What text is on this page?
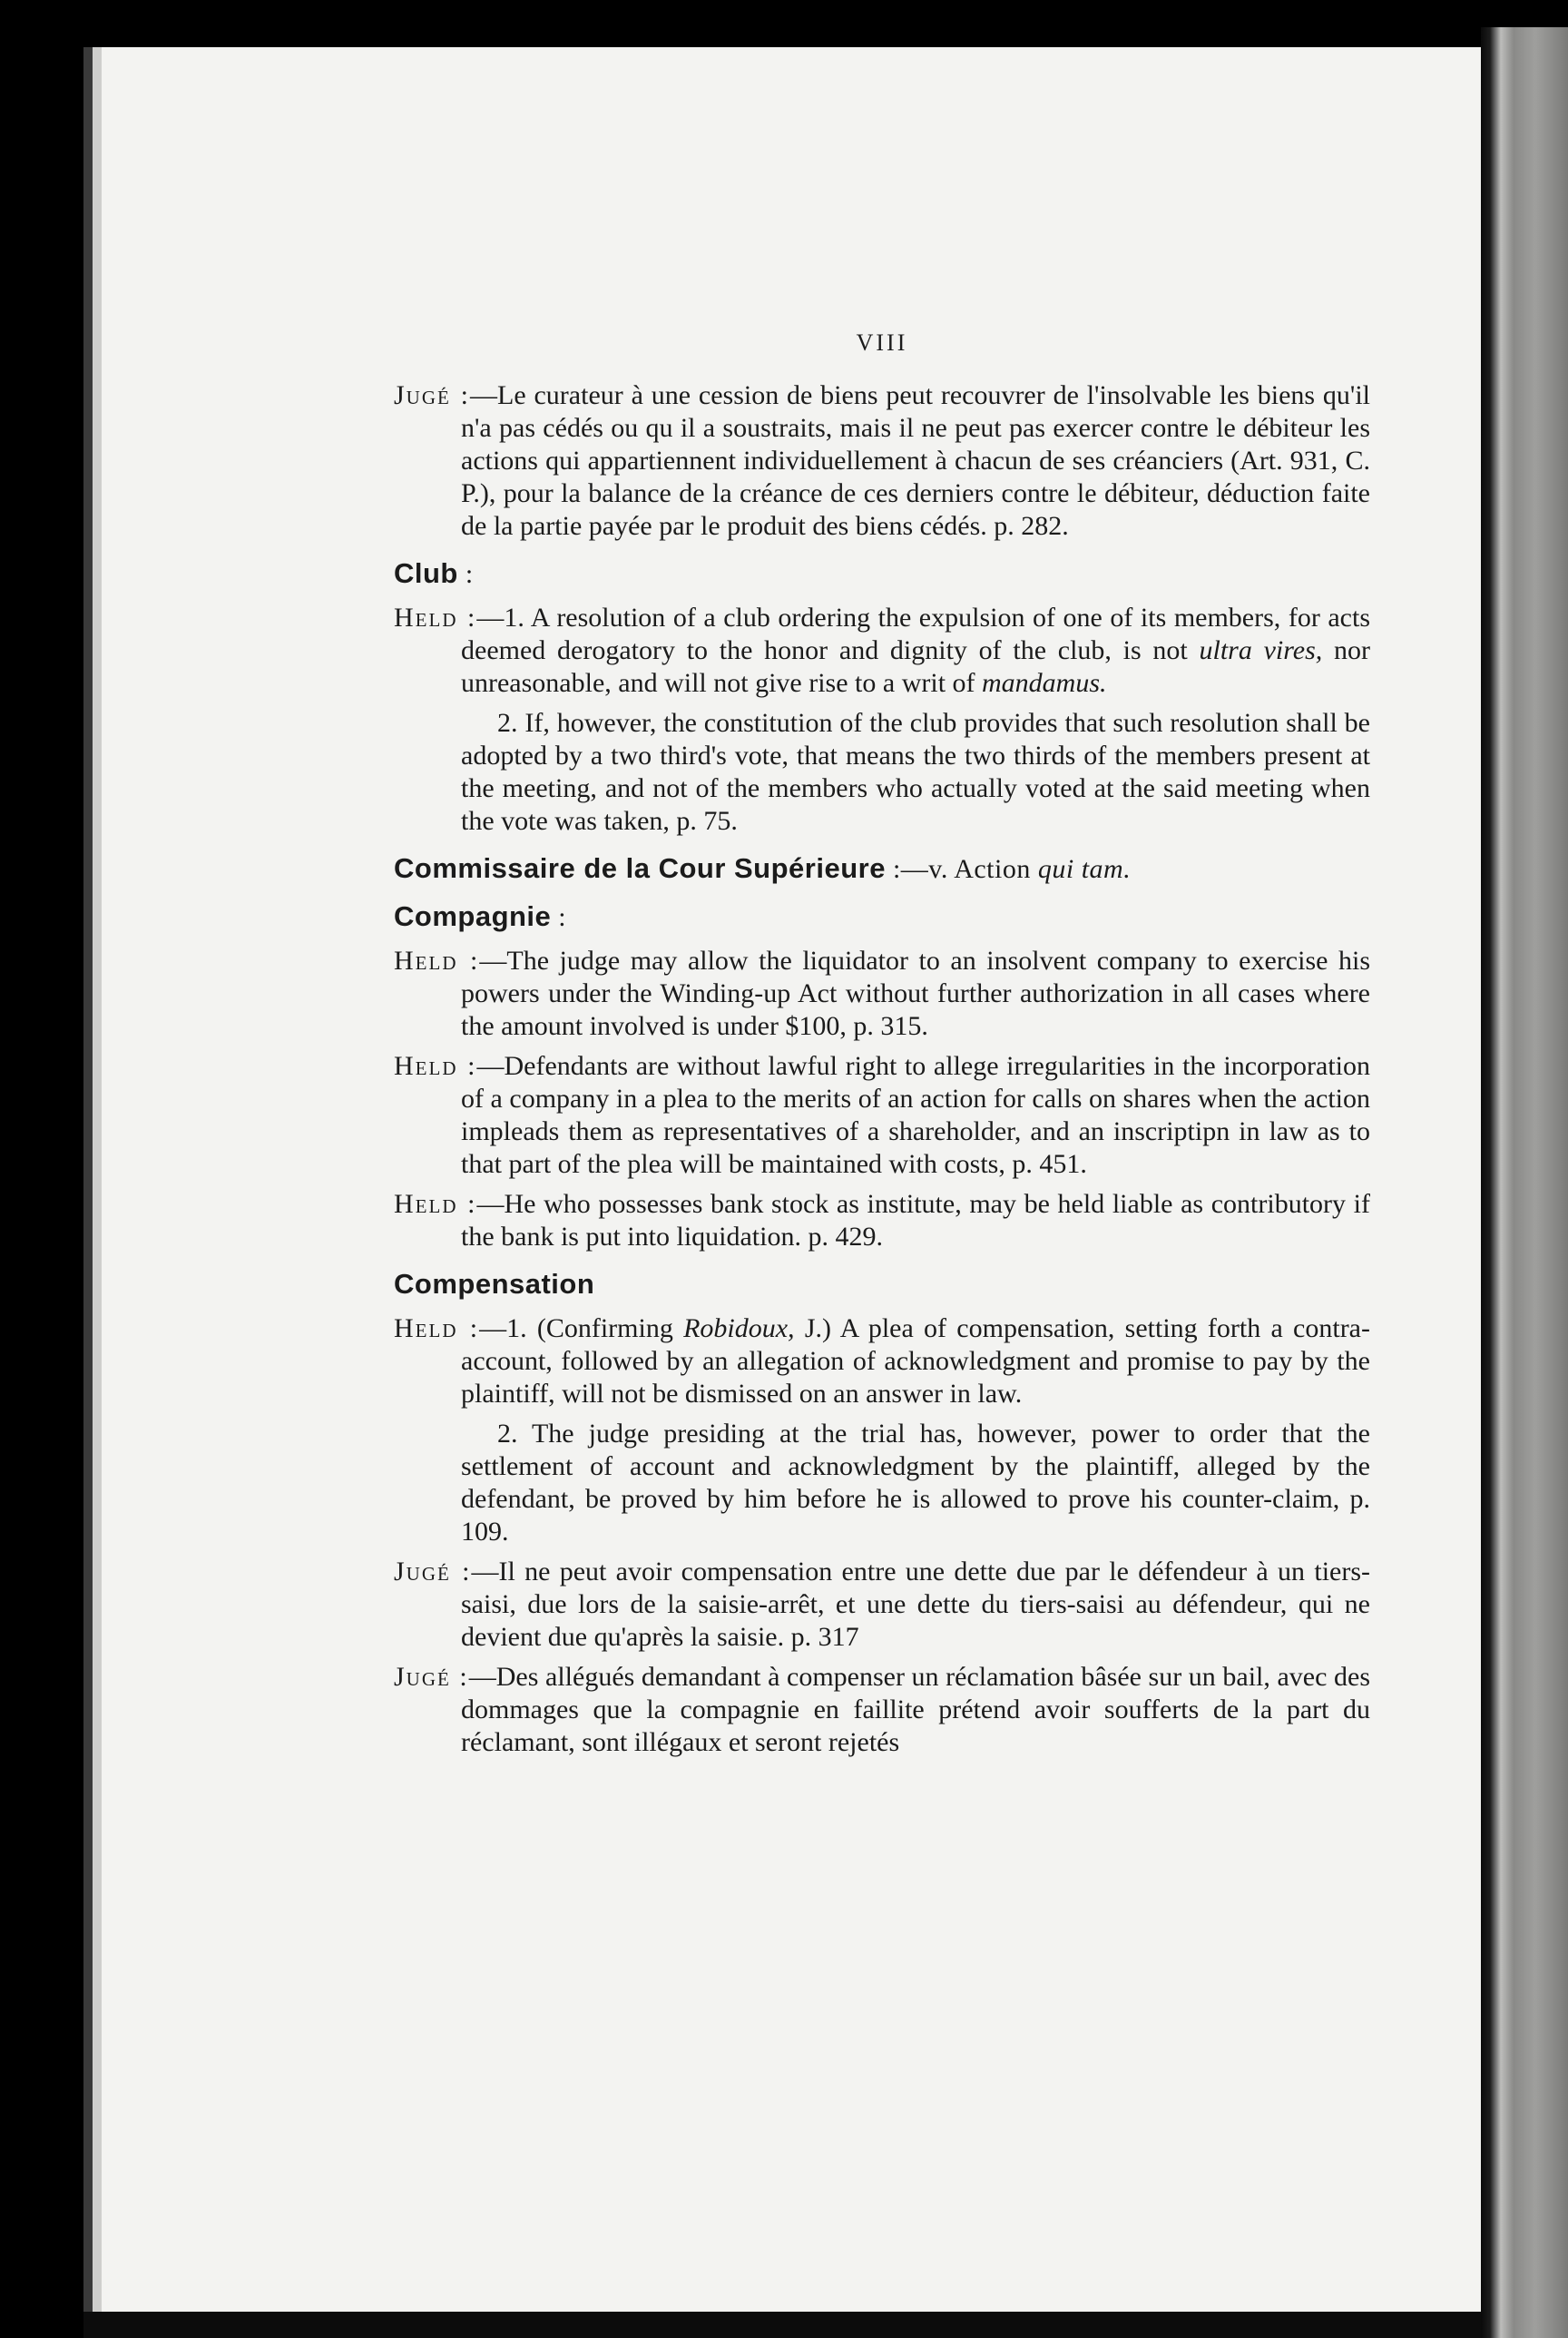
VIII

Jugé :—Le curateur à une cession de biens peut recouvrer de l'insolvable les biens qu'il n'a pas cédés ou qu il a soustraits, mais il ne peut pas exercer contre le débiteur les actions qui appartiennent individuellement à chacun de ses créanciers (Art. 931, C. P.), pour la balance de la créance de ces derniers contre le débiteur, déduction faite de la partie payée par le produit des biens cédés. p. 282.

Club :

Held :—1. A resolution of a club ordering the expulsion of one of its members, for acts deemed derogatory to the honor and dignity of the club, is not ultra vires, nor unreasonable, and will not give rise to a writ of mandamus.

2. If, however, the constitution of the club provides that such resolution shall be adopted by a two third's vote, that means the two thirds of the members present at the meeting, and not of the members who actually voted at the said meeting when the vote was taken, p. 75.

Commissaire de la Cour Supérieure :—v. Action qui tam.
Compagnie :

Held :—The judge may allow the liquidator to an insolvent company to exercise his powers under the Winding-up Act without further authorization in all cases where the amount involved is under $100, p. 315.

Held :—Defendants are without lawful right to allege irregularities in the incorporation of a company in a plea to the merits of an action for calls on shares when the action impleads them as representatives of a shareholder, and an inscriptipn in law as to that part of the plea will be maintained with costs, p. 451.

Held :—He who possesses bank stock as institute, may be held liable as contributory if the bank is put into liquidation. p. 429.

Compensation

Held :—1. (Confirming Robidoux, J.) A plea of compensation, setting forth a contra-account, followed by an allegation of acknowledgment and promise to pay by the plaintiff, will not be dismissed on an answer in law.

2. The judge presiding at the trial has, however, power to order that the settlement of account and acknowledgment by the plaintiff, alleged by the defendant, be proved by him before he is allowed to prove his counter-claim, p. 109.

Jugé :—Il ne peut avoir compensation entre une dette due par le défendeur à un tiers-saisi, due lors de la saisie-arrêt, et une dette du tiers-saisi au défendeur, qui ne devient due qu'après la saisie. p. 317

Jugé :—Des allégués demandant à compenser un réclamation bâsée sur un bail, avec des dommages que la compagnie en faillite prétend avoir soufferts de la part du réclamant, sont illégaux et seront rejetés
